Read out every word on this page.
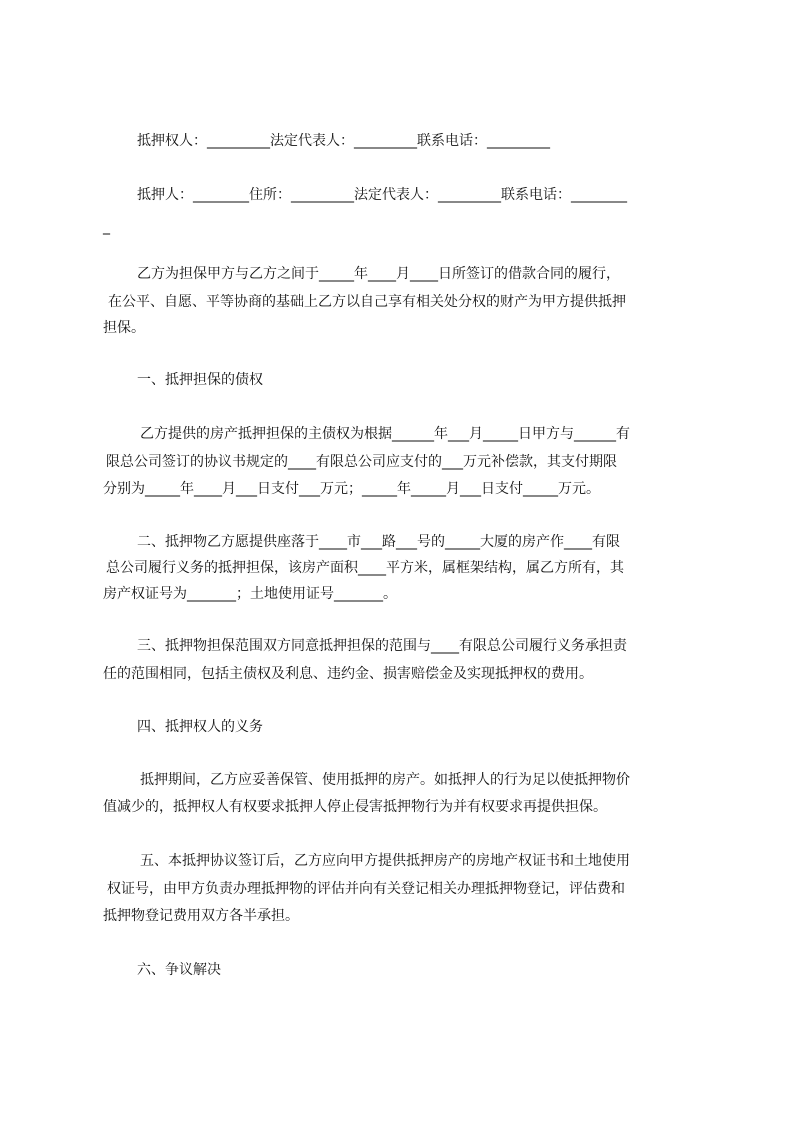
抵押权人：_________法定代表人：_________联系电话：_________
抵押人：________住所：_________法定代表人：_________联系电话：________
_
乙方为担保甲方与乙方之间于_____年____月____日所签订的借款合同的履行，
在公平、自愿、平等协商的基础上乙方以自己享有相关处分权的财产为甲方提供抵押
担保。
一、抵押担保的债权
乙方提供的房产抵押担保的主债权为根据______年___月_____日甲方与______有
限总公司签订的协议书规定的____有限总公司应支付的___万元补偿款，其支付期限
分别为_____年____月___日支付___万元；_____年_____月___日支付_____万元。
二、抵押物乙方愿提供座落于____市___路___号的_____大厦的房产作____有限
总公司履行义务的抵押担保，该房产面积____平方米，属框架结构，属乙方所有，其
房产权证号为_______；土地使用证号_______。
三、抵押物担保范围双方同意抵押担保的范围与____有限总公司履行义务承担责
任的范围相同，包括主债权及利息、违约金、损害赔偿金及实现抵押权的费用。
四、抵押权人的义务
抵押期间，乙方应妥善保管、使用抵押的房产。如抵押人的行为足以使抵押物价
值减少的，抵押权人有权要求抵押人停止侵害抵押物行为并有权要求再提供担保。
五、本抵押协议签订后，乙方应向甲方提供抵押房产的房地产权证书和土地使用
权证号，由甲方负责办理抵押物的评估并向有关登记相关办理抵押物登记，评估费和
抵押物登记费用双方各半承担。
六、争议解决
